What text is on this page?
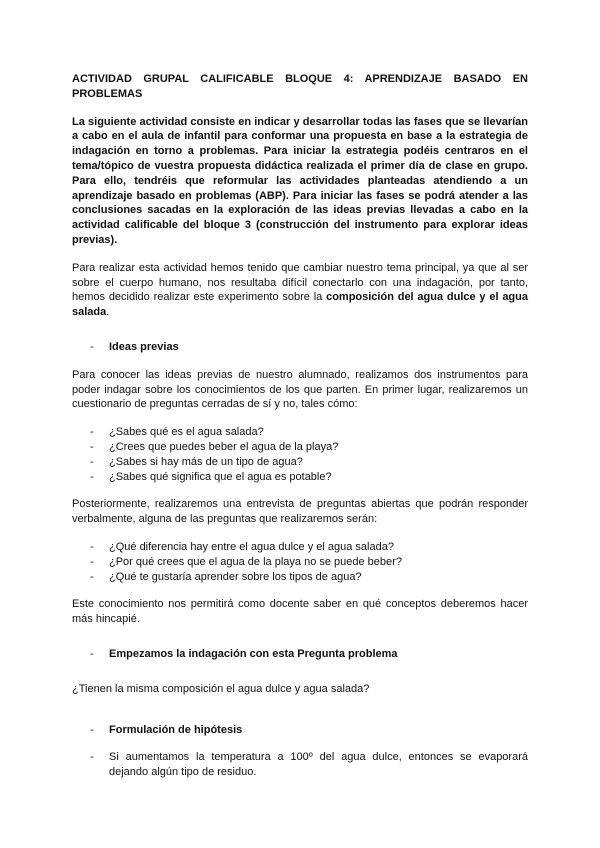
ACTIVIDAD GRUPAL CALIFICABLE BLOQUE 4: APRENDIZAJE BASADO EN PROBLEMAS

La siguiente actividad consiste en indicar y desarrollar todas las fases que se llevarían a cabo en el aula de infantil para conformar una propuesta en base a la estrategia de indagación en torno a problemas. Para iniciar la estrategia podéis centraros en el tema/tópico de vuestra propuesta didáctica realizada el primer día de clase en grupo. Para ello, tendréis que reformular las actividades planteadas atendiendo a un aprendizaje basado en problemas (ABP). Para iniciar las fases se podrá atender a las conclusiones sacadas en la exploración de las ideas previas llevadas a cabo en la actividad calificable del bloque 3 (construcción del instrumento para explorar ideas previas).

Para realizar esta actividad hemos tenido que cambiar nuestro tema principal, ya que al ser sobre el cuerpo humano, nos resultaba difícil conectarlo con una indagación, por tanto, hemos decidido realizar este experimento sobre la composición del agua dulce y el agua salada.

- Ideas previas

Para conocer las ideas previas de nuestro alumnado, realizamos dos instrumentos para poder indagar sobre los conocimientos de los que parten. En primer lugar, realizaremos un cuestionario de preguntas cerradas de sí y no, tales cómo:

- ¿Sabes qué es el agua salada?
- ¿Crees que puedes beber el agua de la playa?
- ¿Sabes si hay más de un tipo de agua?
- ¿Sabes qué significa que el agua es potable?

Posteriormente, realizaremos una entrevista de preguntas abiertas que podrán responder verbalmente, alguna de las preguntas que realizaremos serán:

- ¿Qué diferencia hay entre el agua dulce y el agua salada?
- ¿Por qué crees que el agua de la playa no se puede beber?
- ¿Qué te gustaría aprender sobre los tipos de agua?

Este conocimiento nos permitirá como docente saber en qué conceptos deberemos hacer más hincapié.

- Empezamos la indagación con esta Pregunta problema

¿Tienen la misma composición el agua dulce y agua salada?

- Formulación de hipótesis
- Si aumentamos la temperatura a 100º del agua dulce, entonces se evaporará dejando algún tipo de residuo.
